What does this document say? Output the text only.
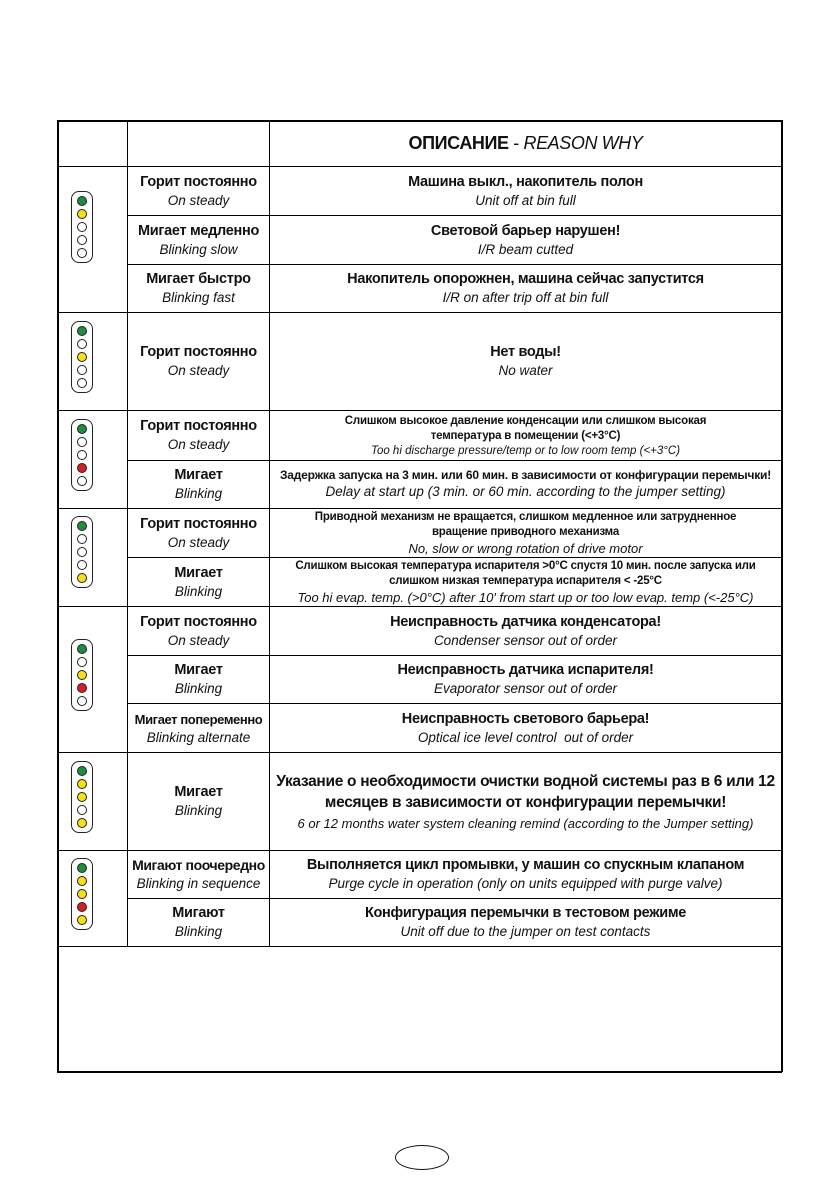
ОПИСАНИЕ - REASON WHY
Горит постоянно
On steady
Машина выкл., накопитель полон
Unit off at bin full
Мигает медленно
Blinking slow
Световой барьер нарушен!
I/R beam cutted
Мигает быстро
Blinking fast
Накопитель опорожнен, машина сейчас запустится
I/R on after trip off at bin full
Горит постоянно
On steady
Нет воды!
No water
Горит постоянно
On steady
Слишком высокое давление конденсации или слишком высокая
температура в помещении (<+3°C)
Too hi discharge pressure/temp or to low room temp (<+3°C)
Мигает
Blinking
Задержка запуска на 3 мин. или 60 мин. в зависимости от конфигурации перемычки!
Delay at start up (3 min. or 60 min. according to the jumper setting)
Горит постоянно
On steady
Приводной механизм не вращается, слишком медленное или затрудненное
вращение приводного механизма
No, slow or wrong rotation of drive motor
Мигает
Blinking
Слишком высокая температура испарителя >0°C спустя 10 мин. после запуска или
слишком низкая температура испарителя < -25°C
Too hi evap. temp. (>0°C) after 10' from start up or too low evap. temp (<-25°C)
Горит постоянно
On steady
Неисправность датчика конденсатора!
Condenser sensor out of order
Мигает
Blinking
Неисправность датчика испарителя!
Evaporator sensor out of order
Мигает попеременно
Blinking alternate
Неисправность светового барьера!
Optical ice level control  out of order
Мигает
Blinking
Указание о необходимости очистки водной системы раз в 6 или 12
месяцев в зависимости от конфигурации перемычки!
6 or 12 months water system cleaning remind (according to the Jumper setting)
Мигают поочередно
Blinking in sequence
Выполняется цикл промывки, у машин со спускным клапаном
Purge cycle in operation (only on units equipped with purge valve)
Мигают
Blinking
Конфигурация перемычки в тестовом режиме
Unit off due to the jumper on test contacts
